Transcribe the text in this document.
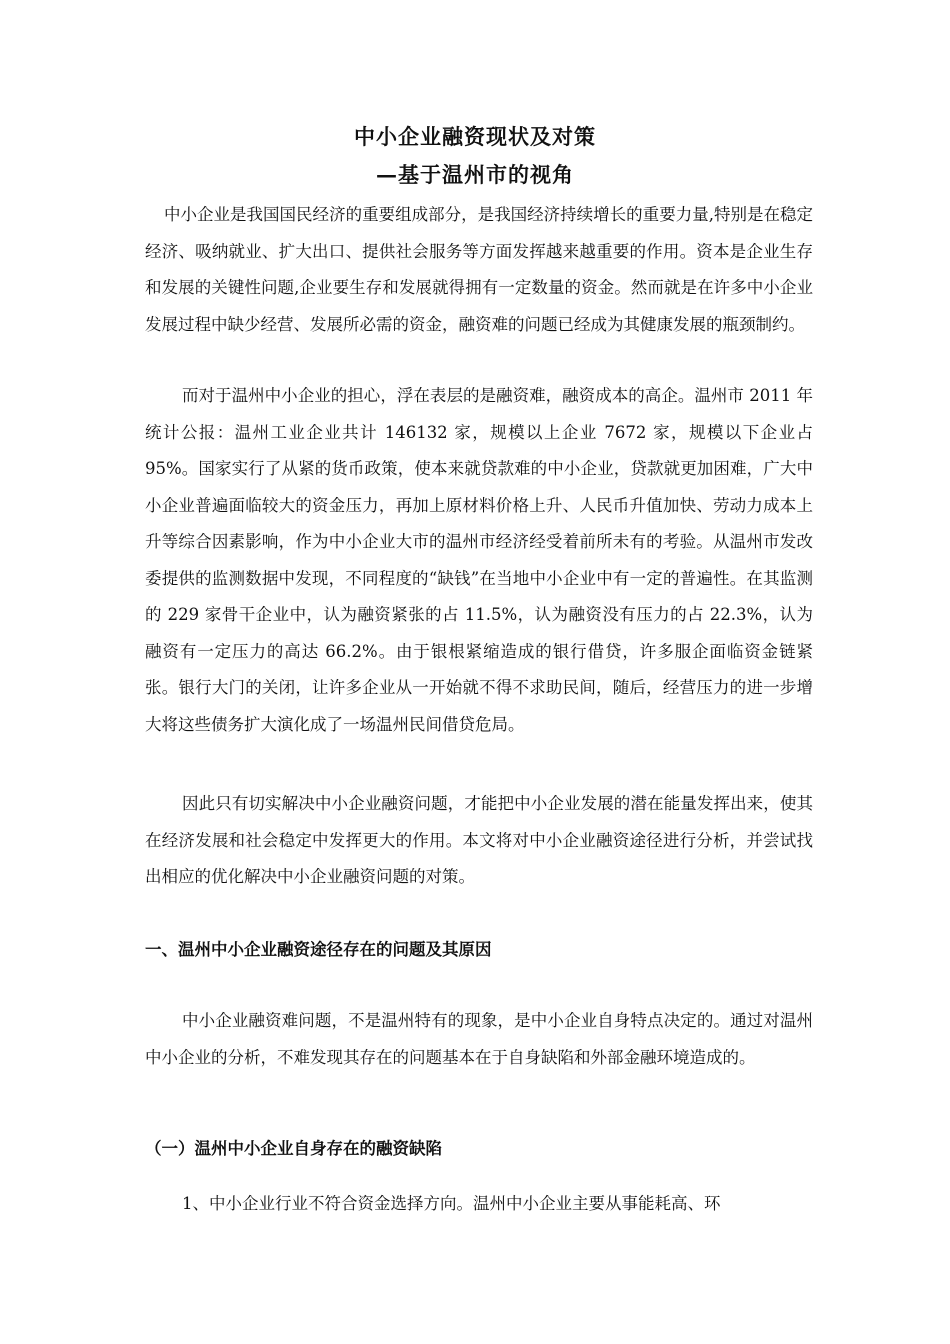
中小企业融资现状及对策
—基于温州市的视角

中小企业是我国国民经济的重要组成部分，是我国经济持续增长的重要力量,特别是在稳定经济、吸纳就业、扩大出口、提供社会服务等方面发挥越来越重要的作用。资本是企业生存和发展的关键性问题,企业要生存和发展就得拥有一定数量的资金。然而就是在许多中小企业发展过程中缺少经营、发展所必需的资金，融资难的问题已经成为其健康发展的瓶颈制约。

而对于温州中小企业的担心，浮在表层的是融资难，融资成本的高企。温州市 2011 年统计公报：温州工业企业共计 146132 家，规模以上企业 7672 家，规模以下企业占 95%。国家实行了从紧的货币政策，使本来就贷款难的中小企业，贷款就更加困难，广大中小企业普遍面临较大的资金压力，再加上原材料价格上升、人民币升值加快、劳动力成本上升等综合因素影响，作为中小企业大市的温州市经济经受着前所未有的考验。从温州市发改委提供的监测数据中发现，不同程度的“缺钱”在当地中小企业中有一定的普遍性。在其监测的 229 家骨干企业中，认为融资紧张的占 11.5%，认为融资没有压力的占 22.3%，认为融资有一定压力的高达 66.2%。由于银根紧缩造成的银行借贷，许多服企面临资金链紧张。银行大门的关闭，让许多企业从一开始就不得不求助民间，随后，经营压力的进一步增大将这些债务扩大演化成了一场温州民间借贷危局。

因此只有切实解决中小企业融资问题，才能把中小企业发展的潜在能量发挥出来，使其在经济发展和社会稳定中发挥更大的作用。本文将对中小企业融资途径进行分析，并尝试找出相应的优化解决中小企业融资问题的对策。

一、温州中小企业融资途径存在的问题及其原因

中小企业融资难问题，不是温州特有的现象，是中小企业自身特点决定的。通过对温州中小企业的分析，不难发现其存在的问题基本在于自身缺陷和外部金融环境造成的。

（一）温州中小企业自身存在的融资缺陷

1、中小企业行业不符合资金选择方向。温州中小企业主要从事能耗高、环
